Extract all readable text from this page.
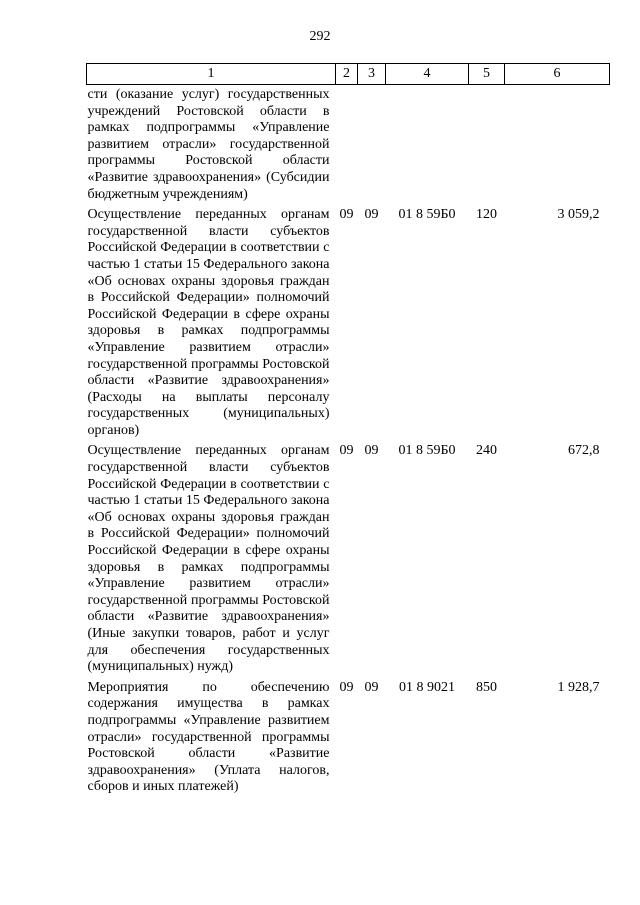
292
1	2	3	4	5	6
сти (оказание услуг) государственных учреждений Ростовской области в рамках подпрограммы «Управление развитием отрасли» государственной программы Ростовской области «Развитие здравоохранения» (Субсидии бюджетным учреждениям)					
Осуществление переданных органам государственной власти субъектов Российской Федерации в соответствии с частью 1 статьи 15 Федерального закона «Об основах охраны здоровья граждан в Российской Федерации» полномочий Российской Федерации в сфере охраны здоровья в рамках подпрограммы «Управление развитием отрасли» государственной программы Ростовской области «Развитие здравоохранения» (Расходы на выплаты персоналу государственных (муниципальных) органов)	09	09	01 8 59Б0	120	3 059,2
Осуществление переданных органам государственной власти субъектов Российской Федерации в соответствии с частью 1 статьи 15 Федерального закона «Об основах охраны здоровья граждан в Российской Федерации» полномочий Российской Федерации в сфере охраны здоровья в рамках подпрограммы «Управление развитием отрасли» государственной программы Ростовской области «Развитие здравоохранения» (Иные закупки товаров, работ и услуг для обеспечения государственных (муниципальных) нужд)	09	09	01 8 59Б0	240	672,8
Мероприятия по обеспечению содержания имущества в рамках подпрограммы «Управление развитием отрасли» государственной программы Ростовской области «Развитие здравоохранения» (Уплата налогов, сборов и иных платежей)	09	09	01 8 9021	850	1 928,7
